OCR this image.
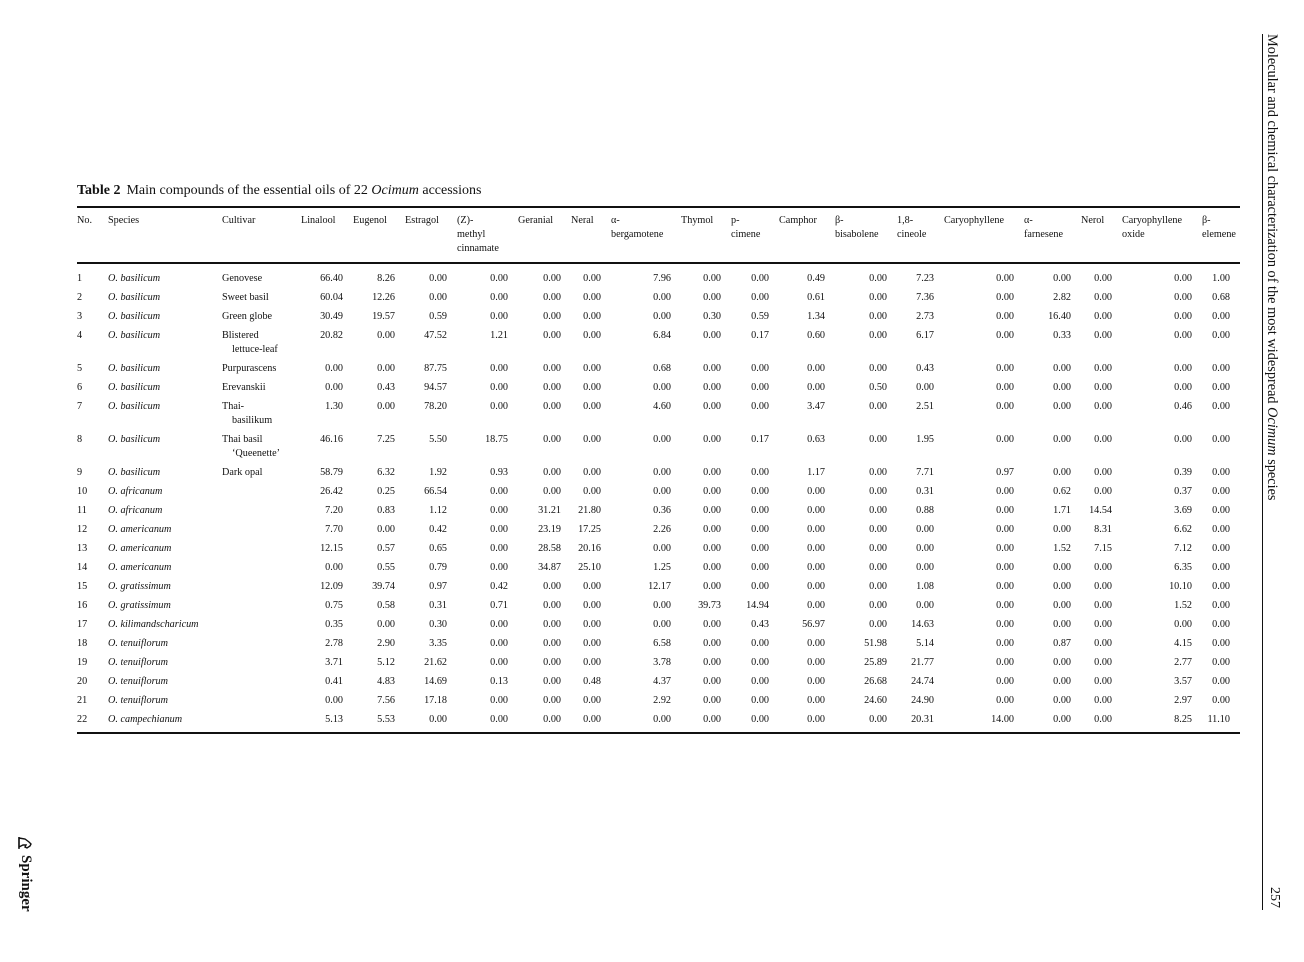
Table 2 Main compounds of the essential oils of 22 Ocimum accessions
No.	Species	Cultivar	Linalool	Eugenol	Estragol	(Z)-
methyl
cinnamate	Geranial	Neral	α-
bergamotene	Thymol	p-
cimene	Camphor	β-
bisabolene	1,8-
cineole	Caryophyllene	α-
farnesene	Nerol	Caryophyllene
oxide	β-
elemene

1	O. basilicum	Genovese	66.40	8.26	0.00	0.00	0.00	0.00	7.96	0.00	0.00	0.49	0.00	7.23	0.00	0.00	0.00	0.00	1.00
2	O. basilicum	Sweet basil	60.04	12.26	0.00	0.00	0.00	0.00	0.00	0.00	0.00	0.61	0.00	7.36	0.00	2.82	0.00	0.00	0.68
3	O. basilicum	Green globe	30.49	19.57	0.59	0.00	0.00	0.00	0.00	0.30	0.59	1.34	0.00	2.73	0.00	16.40	0.00	0.00	0.00
4	O. basilicum	Blistered
lettuce-leaf	20.82	0.00	47.52	1.21	0.00	0.00	6.84	0.00	0.17	0.60	0.00	6.17	0.00	0.33	0.00	0.00	0.00
5	O. basilicum	Purpurascens	0.00	0.00	87.75	0.00	0.00	0.00	0.68	0.00	0.00	0.00	0.00	0.43	0.00	0.00	0.00	0.00	0.00
6	O. basilicum	Erevanskii	0.00	0.43	94.57	0.00	0.00	0.00	0.00	0.00	0.00	0.00	0.50	0.00	0.00	0.00	0.00	0.00	0.00
7	O. basilicum	Thai-
basilikum	1.30	0.00	78.20	0.00	0.00	0.00	4.60	0.00	0.00	3.47	0.00	2.51	0.00	0.00	0.00	0.46	0.00
8	O. basilicum	Thai basil
‘Queenette’	46.16	7.25	5.50	18.75	0.00	0.00	0.00	0.00	0.17	0.63	0.00	1.95	0.00	0.00	0.00	0.00	0.00
9	O. basilicum	Dark opal	58.79	6.32	1.92	0.93	0.00	0.00	0.00	0.00	0.00	1.17	0.00	7.71	0.97	0.00	0.00	0.39	0.00
10	O. africanum		26.42	0.25	66.54	0.00	0.00	0.00	0.00	0.00	0.00	0.00	0.00	0.31	0.00	0.62	0.00	0.37	0.00
11	O. africanum		7.20	0.83	1.12	0.00	31.21	21.80	0.36	0.00	0.00	0.00	0.00	0.88	0.00	1.71	14.54	3.69	0.00
12	O. americanum		7.70	0.00	0.42	0.00	23.19	17.25	2.26	0.00	0.00	0.00	0.00	0.00	0.00	0.00	8.31	6.62	0.00
13	O. americanum		12.15	0.57	0.65	0.00	28.58	20.16	0.00	0.00	0.00	0.00	0.00	0.00	0.00	1.52	7.15	7.12	0.00
14	O. americanum		0.00	0.55	0.79	0.00	34.87	25.10	1.25	0.00	0.00	0.00	0.00	0.00	0.00	0.00	0.00	6.35	0.00
15	O. gratissimum		12.09	39.74	0.97	0.42	0.00	0.00	12.17	0.00	0.00	0.00	0.00	1.08	0.00	0.00	0.00	10.10	0.00
16	O. gratissimum		0.75	0.58	0.31	0.71	0.00	0.00	0.00	39.73	14.94	0.00	0.00	0.00	0.00	0.00	0.00	1.52	0.00
17	O. kilimandscharicum		0.35	0.00	0.30	0.00	0.00	0.00	0.00	0.00	0.43	56.97	0.00	14.63	0.00	0.00	0.00	0.00	0.00
18	O. tenuiflorum		2.78	2.90	3.35	0.00	0.00	0.00	6.58	0.00	0.00	0.00	51.98	5.14	0.00	0.87	0.00	4.15	0.00
19	O. tenuiflorum		3.71	5.12	21.62	0.00	0.00	0.00	3.78	0.00	0.00	0.00	25.89	21.77	0.00	0.00	0.00	2.77	0.00
20	O. tenuiflorum		0.41	4.83	14.69	0.13	0.00	0.48	4.37	0.00	0.00	0.00	26.68	24.74	0.00	0.00	0.00	3.57	0.00
21	O. tenuiflorum		0.00	7.56	17.18	0.00	0.00	0.00	2.92	0.00	0.00	0.00	24.60	24.90	0.00	0.00	0.00	2.97	0.00
22	O. campechianum		5.13	5.53	0.00	0.00	0.00	0.00	0.00	0.00	0.00	0.00	0.00	20.31	14.00	0.00	0.00	8.25	11.10
Molecular and chemical characterization of the most widespread Ocimum species
257
Springer
